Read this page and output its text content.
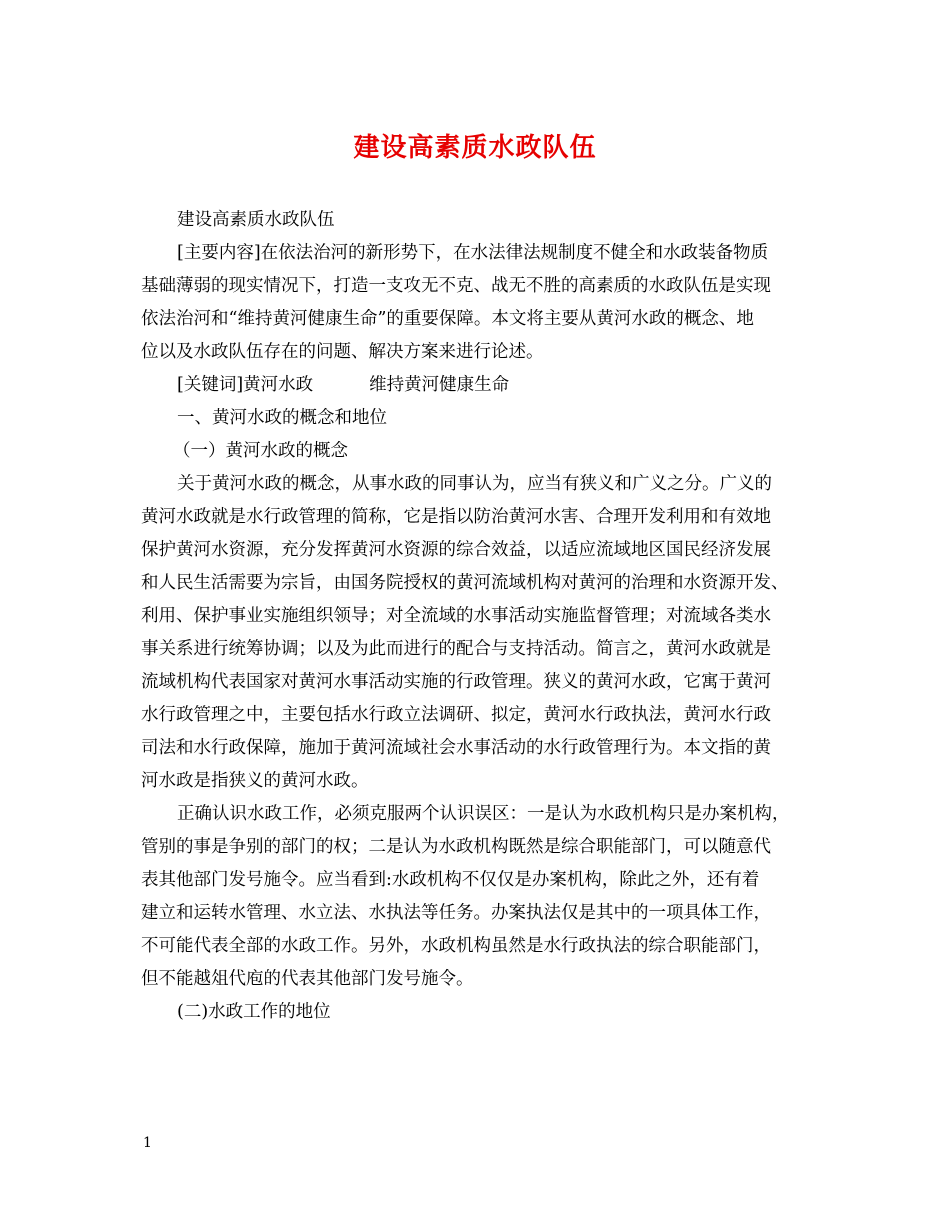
建设高素质水政队伍
建设高素质水政队伍
[主要内容]在依法治河的新形势下，在水法律法规制度不健全和水政装备物质
基础薄弱的现实情况下，打造一支攻无不克、战无不胜的高素质的水政队伍是实现
依法治河和“维持黄河健康生命”的重要保障。本文将主要从黄河水政的概念、地
位以及水政队伍存在的问题、解决方案来进行论述。
[关键词]黄河水政	维持黄河健康生命
一、黄河水政的概念和地位
（一）黄河水政的概念
关于黄河水政的概念，从事水政的同事认为，应当有狭义和广义之分。广义的
黄河水政就是水行政管理的简称，它是指以防治黄河水害、合理开发利用和有效地
保护黄河水资源，充分发挥黄河水资源的综合效益，以适应流域地区国民经济发展
和人民生活需要为宗旨，由国务院授权的黄河流域机构对黄河的治理和水资源开发、
利用、保护事业实施组织领导；对全流域的水事活动实施监督管理；对流域各类水
事关系进行统筹协调；以及为此而进行的配合与支持活动。简言之，黄河水政就是
流域机构代表国家对黄河水事活动实施的行政管理。狭义的黄河水政，它寓于黄河
水行政管理之中，主要包括水行政立法调研、拟定，黄河水行政执法，黄河水行政
司法和水行政保障，施加于黄河流域社会水事活动的水行政管理行为。本文指的黄
河水政是指狭义的黄河水政。
正确认识水政工作，必须克服两个认识误区：一是认为水政机构只是办案机构，
管别的事是争别的部门的权；二是认为水政机构既然是综合职能部门，可以随意代
表其他部门发号施令。应当看到:水政机构不仅仅是办案机构，除此之外，还有着
建立和运转水管理、水立法、水执法等任务。办案执法仅是其中的一项具体工作，
不可能代表全部的水政工作。另外，水政机构虽然是水行政执法的综合职能部门，
但不能越俎代庖的代表其他部门发号施令。
(二)水政工作的地位
1
